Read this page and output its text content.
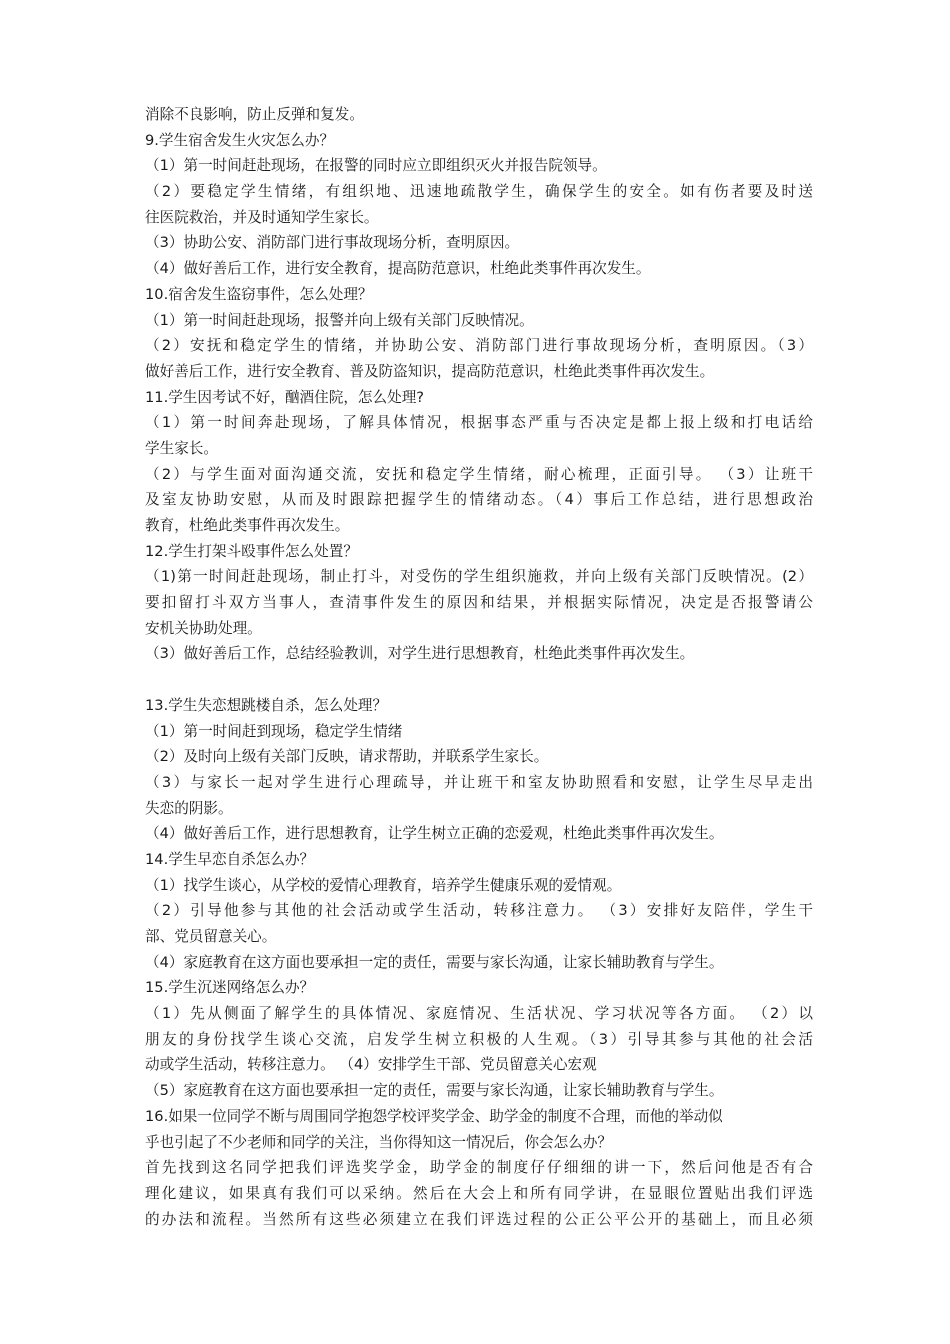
消除不良影响，防止反弹和复发。
9.学生宿舍发生火灾怎么办？
（1）第一时间赶赴现场，在报警的同时应立即组织灭火并报告院领导。
（2）要稳定学生情绪，有组织地、迅速地疏散学生，确保学生的安全。如有伤者要及时送
往医院救治，并及时通知学生家长。
（3）协助公安、消防部门进行事故现场分析，查明原因。
（4）做好善后工作，进行安全教育，提高防范意识，杜绝此类事件再次发生。
10.宿舍发生盗窃事件，怎么处理？
（1）第一时间赶赴现场，报警并向上级有关部门反映情况。
（2）安抚和稳定学生的情绪，并协助公安、消防部门进行事故现场分析，查明原因。（3）
做好善后工作，进行安全教育、普及防盗知识，提高防范意识，杜绝此类事件再次发生。
11.学生因考试不好，酗酒住院，怎么处理?
（1）第一时间奔赴现场，了解具体情况，根据事态严重与否决定是都上报上级和打电话给
学生家长。
（2）与学生面对面沟通交流，安抚和稳定学生情绪，耐心梳理，正面引导。 （3）让班干
及室友协助安慰，从而及时跟踪把握学生的情绪动态。（4）事后工作总结，进行思想政治
教育，杜绝此类事件再次发生。
12.学生打架斗殴事件怎么处置？
（1)第一时间赶赴现场，制止打斗，对受伤的学生组织施救，并向上级有关部门反映情况。(2）
要扣留打斗双方当事人，查清事件发生的原因和结果，并根据实际情况，决定是否报警请公
安机关协助处理。
（3）做好善后工作，总结经验教训，对学生进行思想教育，杜绝此类事件再次发生。
13.学生失恋想跳楼自杀，怎么处理？
（1）第一时间赶到现场，稳定学生情绪
（2）及时向上级有关部门反映，请求帮助，并联系学生家长。
（3）与家长一起对学生进行心理疏导，并让班干和室友协助照看和安慰，让学生尽早走出
失恋的阴影。
（4）做好善后工作，进行思想教育，让学生树立正确的恋爱观，杜绝此类事件再次发生。
14.学生早恋自杀怎么办？
（1）找学生谈心，从学校的爱情心理教育，培养学生健康乐观的爱情观。
（2）引导他参与其他的社会活动或学生活动，转移注意力。 （3）安排好友陪伴，学生干
部、党员留意关心。
（4）家庭教育在这方面也要承担一定的责任，需要与家长沟通，让家长辅助教育与学生。
15.学生沉迷网络怎么办？
（1）先从侧面了解学生的具体情况、家庭情况、生活状况、学习状况等各方面。 （2）以
朋友的身份找学生谈心交流，启发学生树立积极的人生观。（3）引导其参与其他的社会活
动或学生活动，转移注意力。 （4）安排学生干部、党员留意关心宏观
（5）家庭教育在这方面也要承担一定的责任，需要与家长沟通，让家长辅助教育与学生。
16.如果一位同学不断与周围同学抱怨学校评奖学金、助学金的制度不合理，而他的举动似
乎也引起了不少老师和同学的关注，当你得知这一情况后，你会怎么办？
首先找到这名同学把我们评选奖学金，助学金的制度仔仔细细的讲一下，然后问他是否有合
理化建议，如果真有我们可以采纳。然后在大会上和所有同学讲，在显眼位置贴出我们评选
的办法和流程。当然所有这些必须建立在我们评选过程的公正公平公开的基础上，而且必须
